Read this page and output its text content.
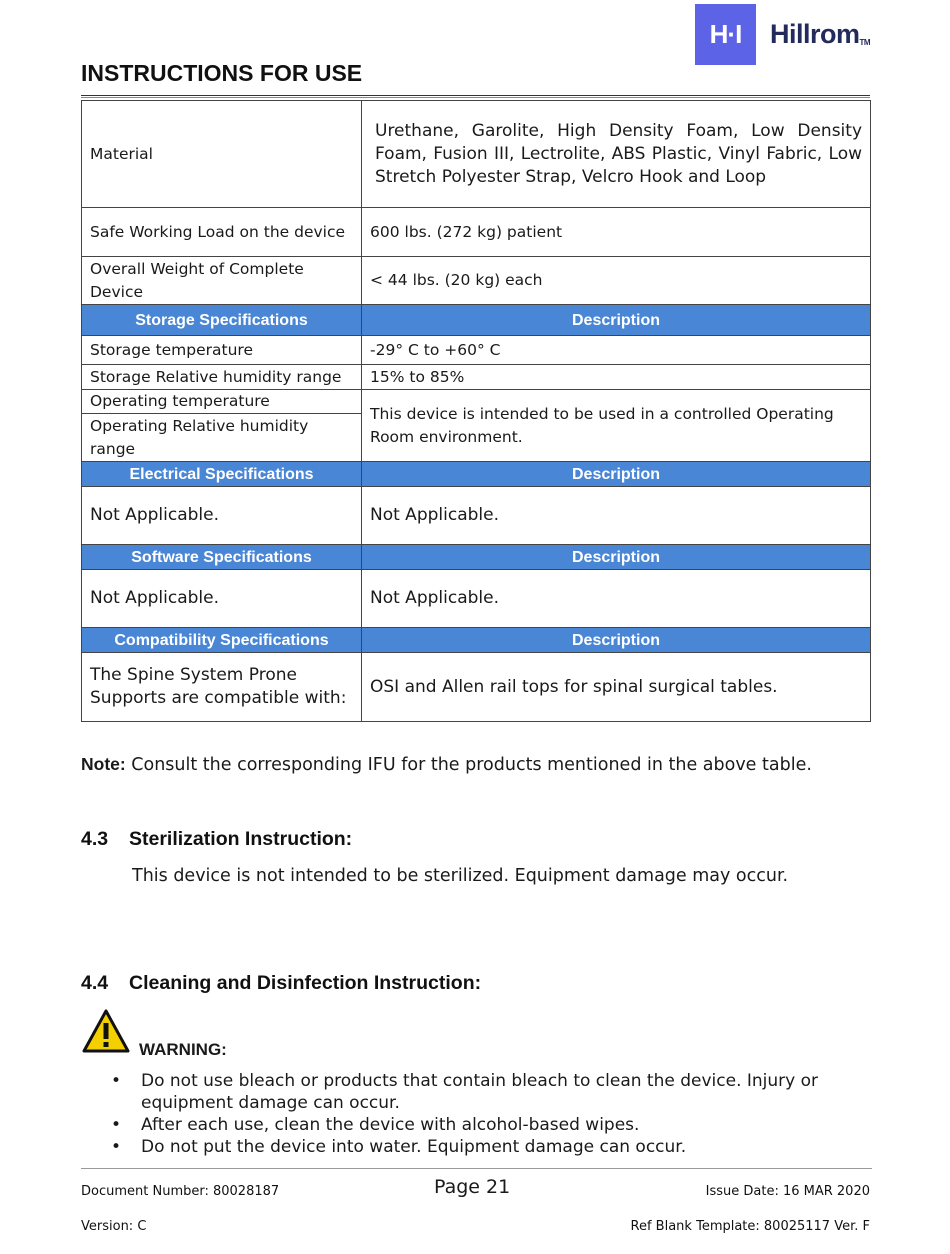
H·I	HillromTM
INSTRUCTIONS FOR USE
Material	Urethane, Garolite, High Density Foam, Low Density Foam, Fusion III, Lectrolite, ABS Plastic, Vinyl Fabric, Low Stretch Polyester Strap, Velcro Hook and Loop
Safe Working Load on the device	600 lbs. (272 kg) patient
Overall Weight of Complete Device	< 44 lbs. (20 kg) each
Storage Specifications	Description
Storage temperature	-29° C to +60° C
Storage Relative humidity range	15% to 85%
Operating temperature	This device is intended to be used in a controlled Operating Room environment.
Operating Relative humidity range	
Electrical Specifications	Description
Not Applicable.	Not Applicable.
Software Specifications	Description
Not Applicable.	Not Applicable.
Compatibility Specifications	Description
The Spine System Prone Supports are compatible with:	OSI and Allen rail tops for spinal surgical tables.
Note: Consult the corresponding IFU for the products mentioned in the above table.
4.3 Sterilization Instruction:
This device is not intended to be sterilized. Equipment damage may occur.
4.4 Cleaning and Disinfection Instruction:
WARNING:
• Do not use bleach or products that contain bleach to clean the device. Injury or equipment damage can occur.
• After each use, clean the device with alcohol-based wipes.
• Do not put the device into water. Equipment damage can occur.
Document Number: 80028187	Page 21	Issue Date: 16 MAR 2020
Version: C	Ref Blank Template: 80025117 Ver. F
